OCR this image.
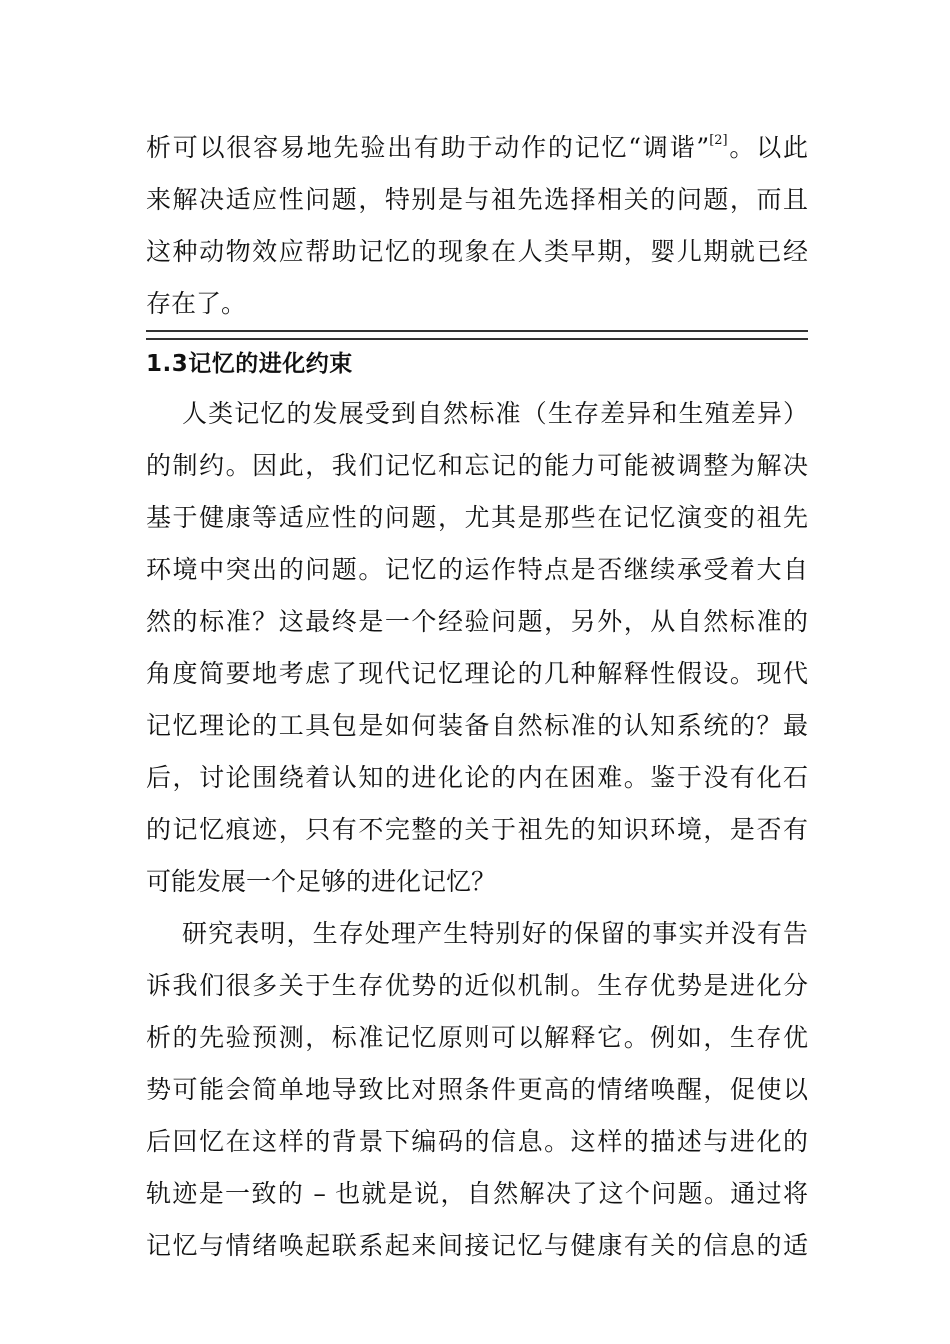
析可以很容易地先验出有助于动作的记忆“调谐”[2]。以此
来解决适应性问题，特别是与祖先选择相关的问题，而且
这种动物效应帮助记忆的现象在人类早期，婴儿期就已经
存在了。
1.3记忆的进化约束
人类记忆的发展受到自然标准（生存差异和生殖差异）
的制约。因此，我们记忆和忘记的能力可能被调整为解决
基于健康等适应性的问题，尤其是那些在记忆演变的祖先
环境中突出的问题。记忆的运作特点是否继续承受着大自
然的标准？这最终是一个经验问题，另外，从自然标准的
角度简要地考虑了现代记忆理论的几种解释性假设。现代
记忆理论的工具包是如何装备自然标准的认知系统的？最
后，讨论围绕着认知的进化论的内在困难。鉴于没有化石
的记忆痕迹，只有不完整的关于祖先的知识环境，是否有
可能发展一个足够的进化记忆？
研究表明，生存处理产生特别好的保留的事实并没有告
诉我们很多关于生存优势的近似机制。生存优势是进化分
析的先验预测，标准记忆原则可以解释它。例如，生存优
势可能会简单地导致比对照条件更高的情绪唤醒，促使以
后回忆在这样的背景下编码的信息。这样的描述与进化的
轨迹是一致的 – 也就是说，自然解决了这个问题。通过将
记忆与情绪唤起联系起来间接记忆与健康有关的信息的适
